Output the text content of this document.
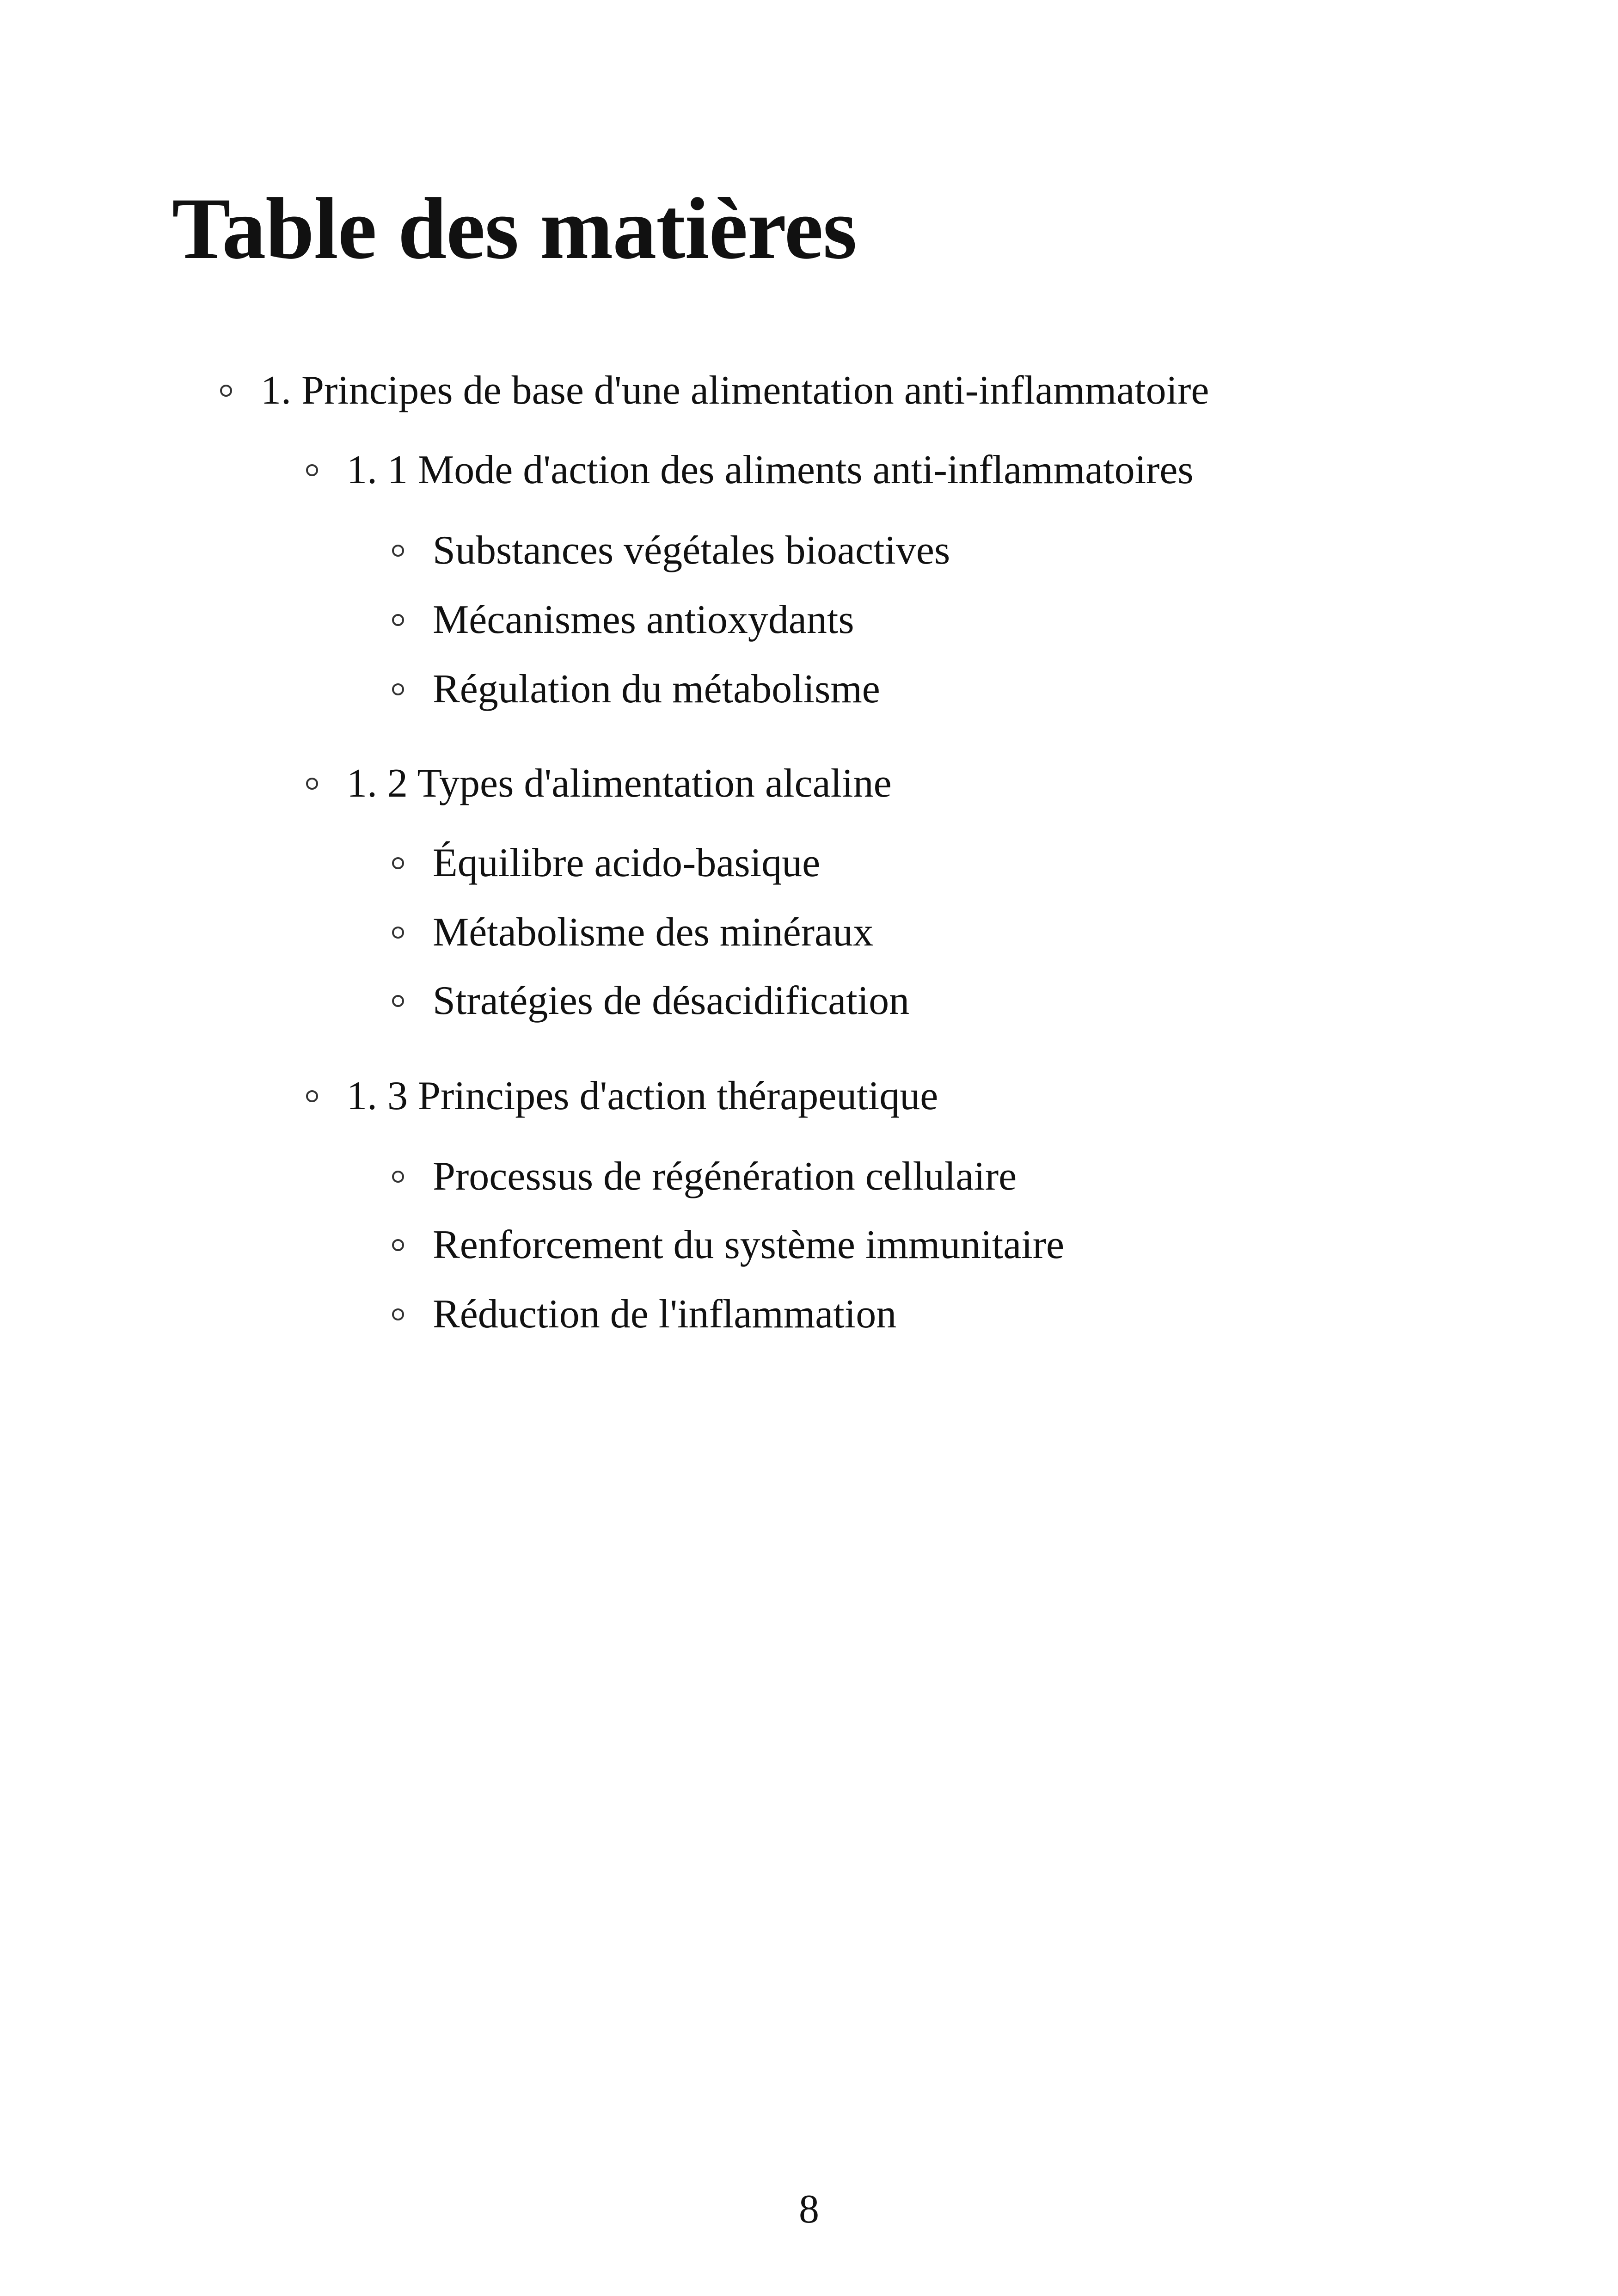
Table des matières
1. Principes de base d'une alimentation anti-inflammatoire
1. 1 Mode d'action des aliments anti-inflammatoires
Substances végétales bioactives
Mécanismes antioxydants
Régulation du métabolisme
1. 2 Types d'alimentation alcaline
Équilibre acido-basique
Métabolisme des minéraux
Stratégies de désacidification
1. 3 Principes d'action thérapeutique
Processus de régénération cellulaire
Renforcement du système immunitaire
Réduction de l'inflammation
8
